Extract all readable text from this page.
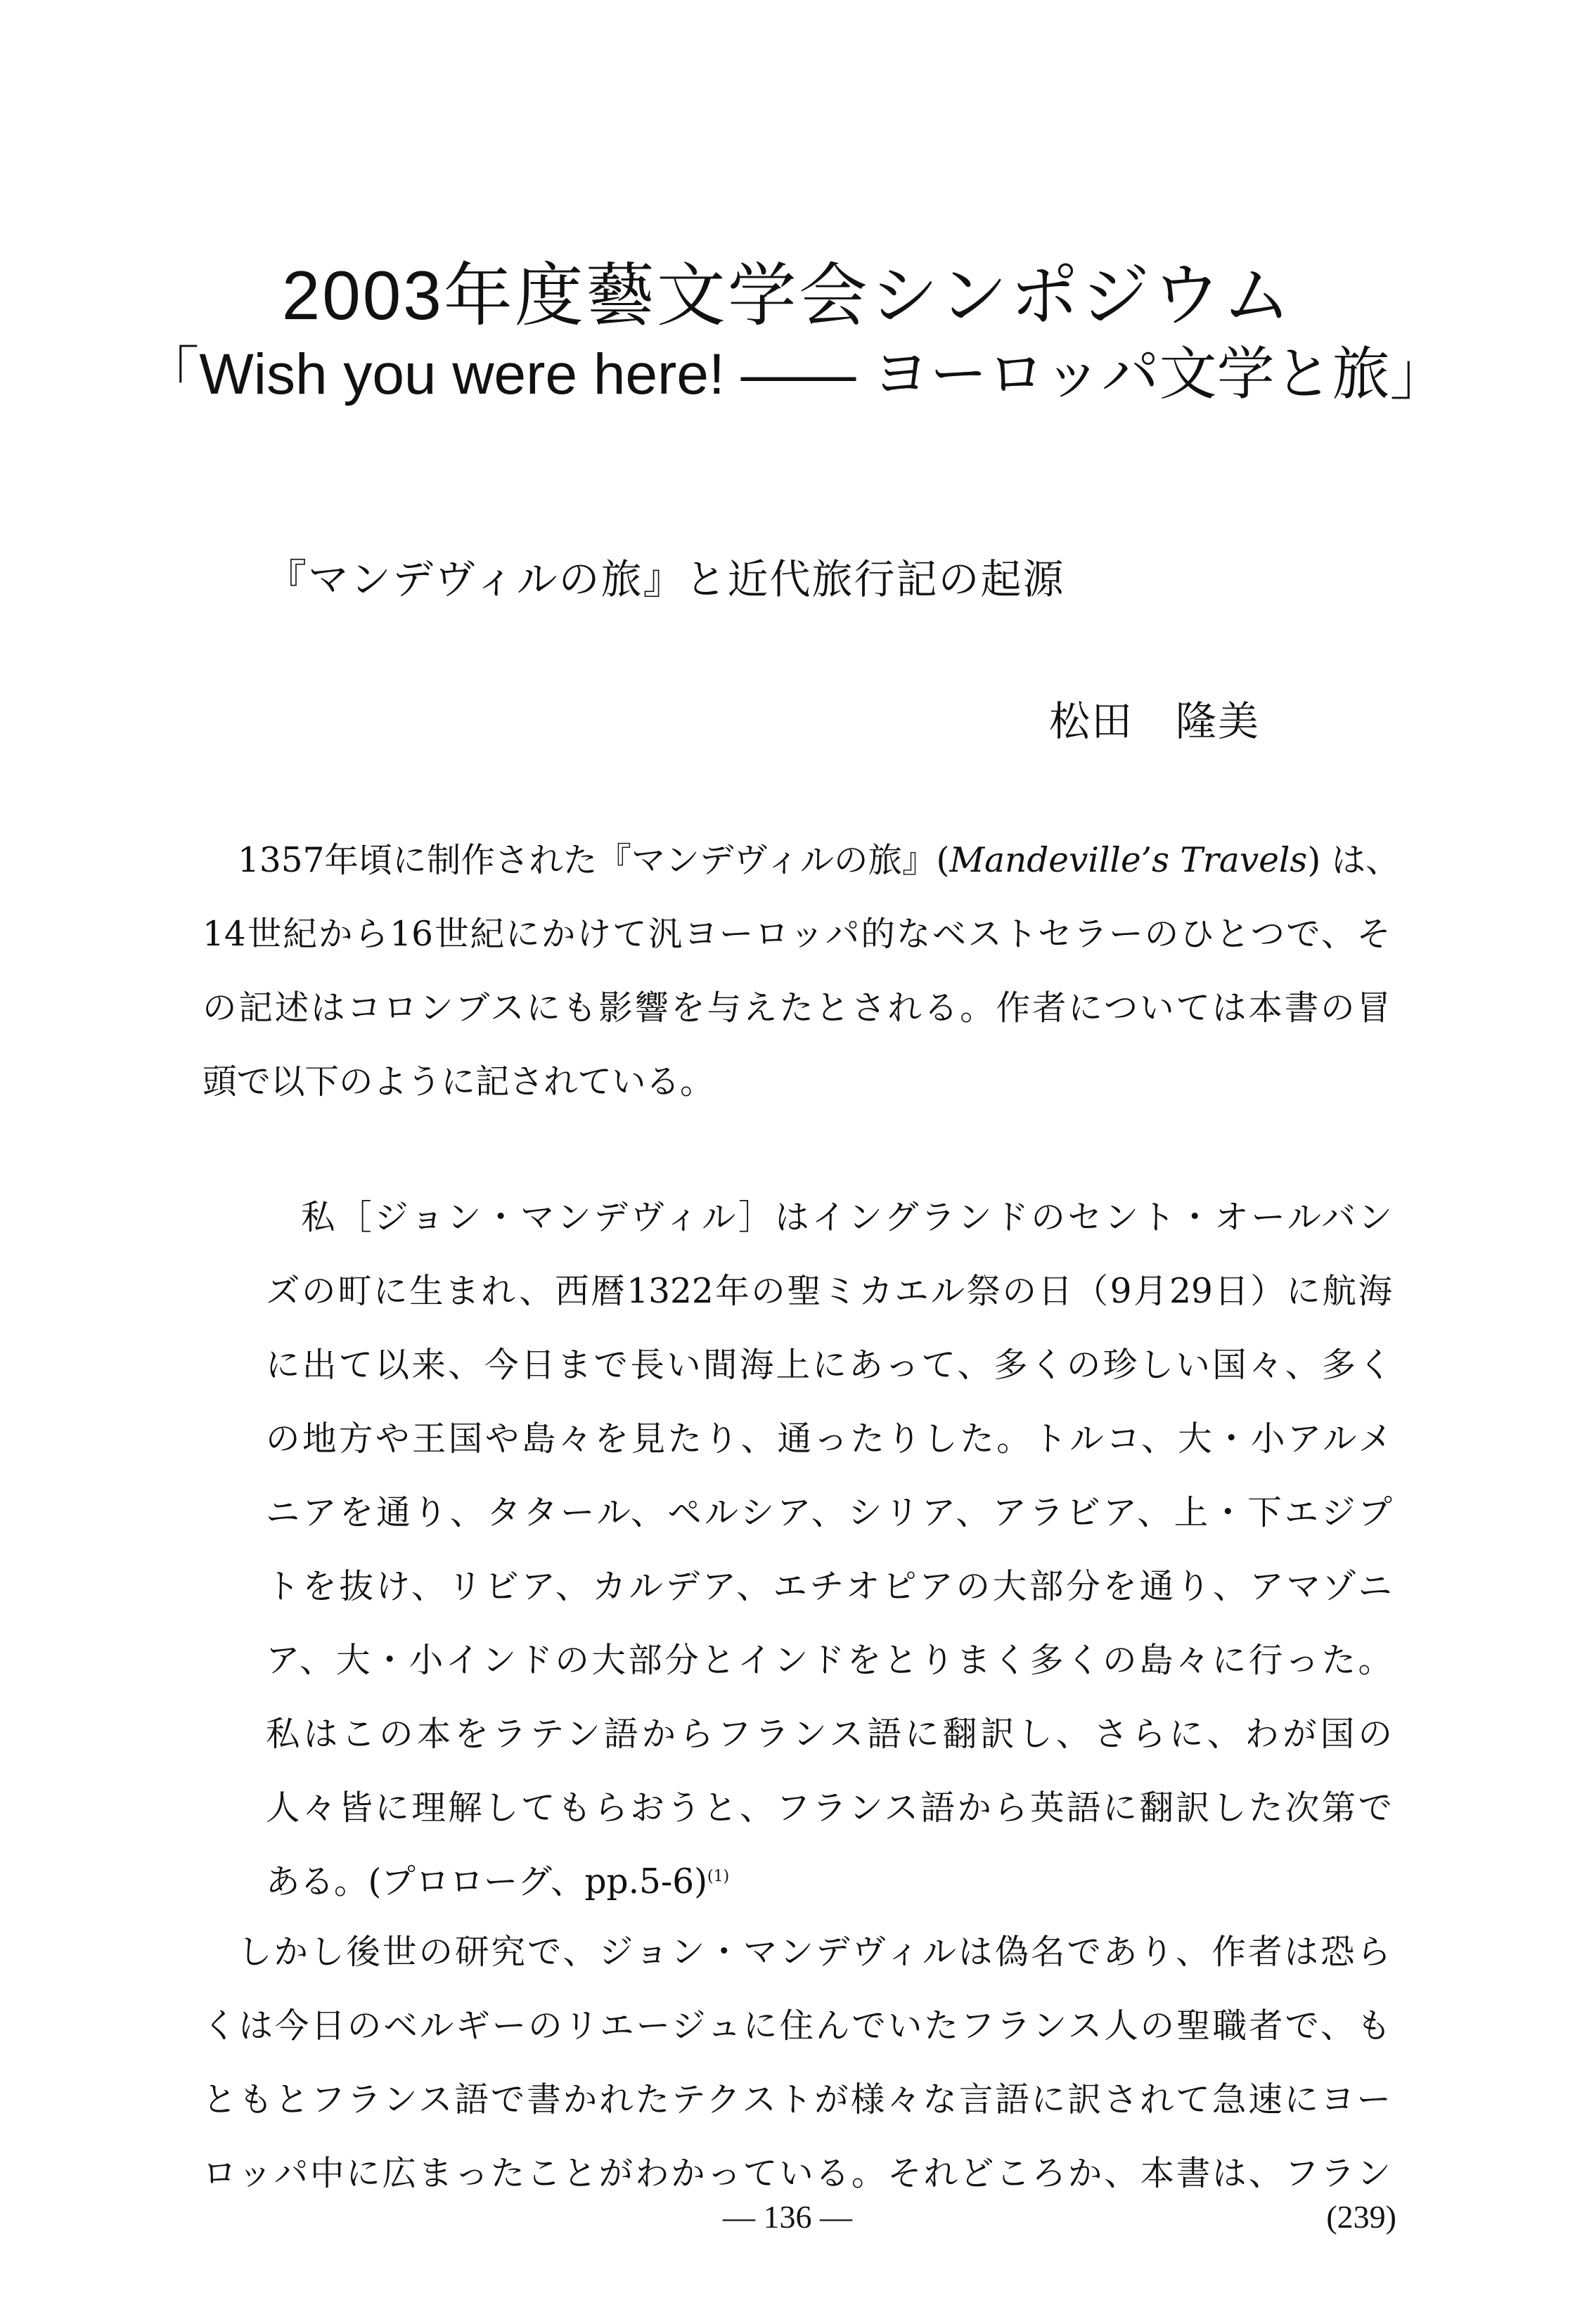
2003年度藝文学会シンポジウム
「Wish you were here! —— ヨーロッパ文学と旅」
『マンデヴィルの旅』と近代旅行記の起源
松田　隆美
1357年頃に制作された『マンデヴィルの旅』(Mandeville’s Travels) は、
14世紀から16世紀にかけて汎ヨーロッパ的なベストセラーのひとつで、そ
の記述はコロンブスにも影響を与えたとされる。作者については本書の冒
頭で以下のように記されている。
私［ジョン・マンデヴィル］はイングランドのセント・オールバン
ズの町に生まれ、西暦1322年の聖ミカエル祭の日（9月29日）に航海
に出て以来、今日まで長い間海上にあって、多くの珍しい国々、多く
の地方や王国や島々を見たり、通ったりした。トルコ、大・小アルメ
ニアを通り、タタール、ペルシア、シリア、アラビア、上・下エジプ
トを抜け、リビア、カルデア、エチオピアの大部分を通り、アマゾニ
ア、大・小インドの大部分とインドをとりまく多くの島々に行った。
私はこの本をラテン語からフランス語に翻訳し、さらに、わが国の
人々皆に理解してもらおうと、フランス語から英語に翻訳した次第で
ある。(プロローグ、pp.5-6)$^{(1)}$
しかし後世の研究で、ジョン・マンデヴィルは偽名であり、作者は恐ら
くは今日のベルギーのリエージュに住んでいたフランス人の聖職者で、も
ともとフランス語で書かれたテクストが様々な言語に訳されて急速にヨー
ロッパ中に広まったことがわかっている。それどころか、本書は、フラン
— 136 —	(239)
